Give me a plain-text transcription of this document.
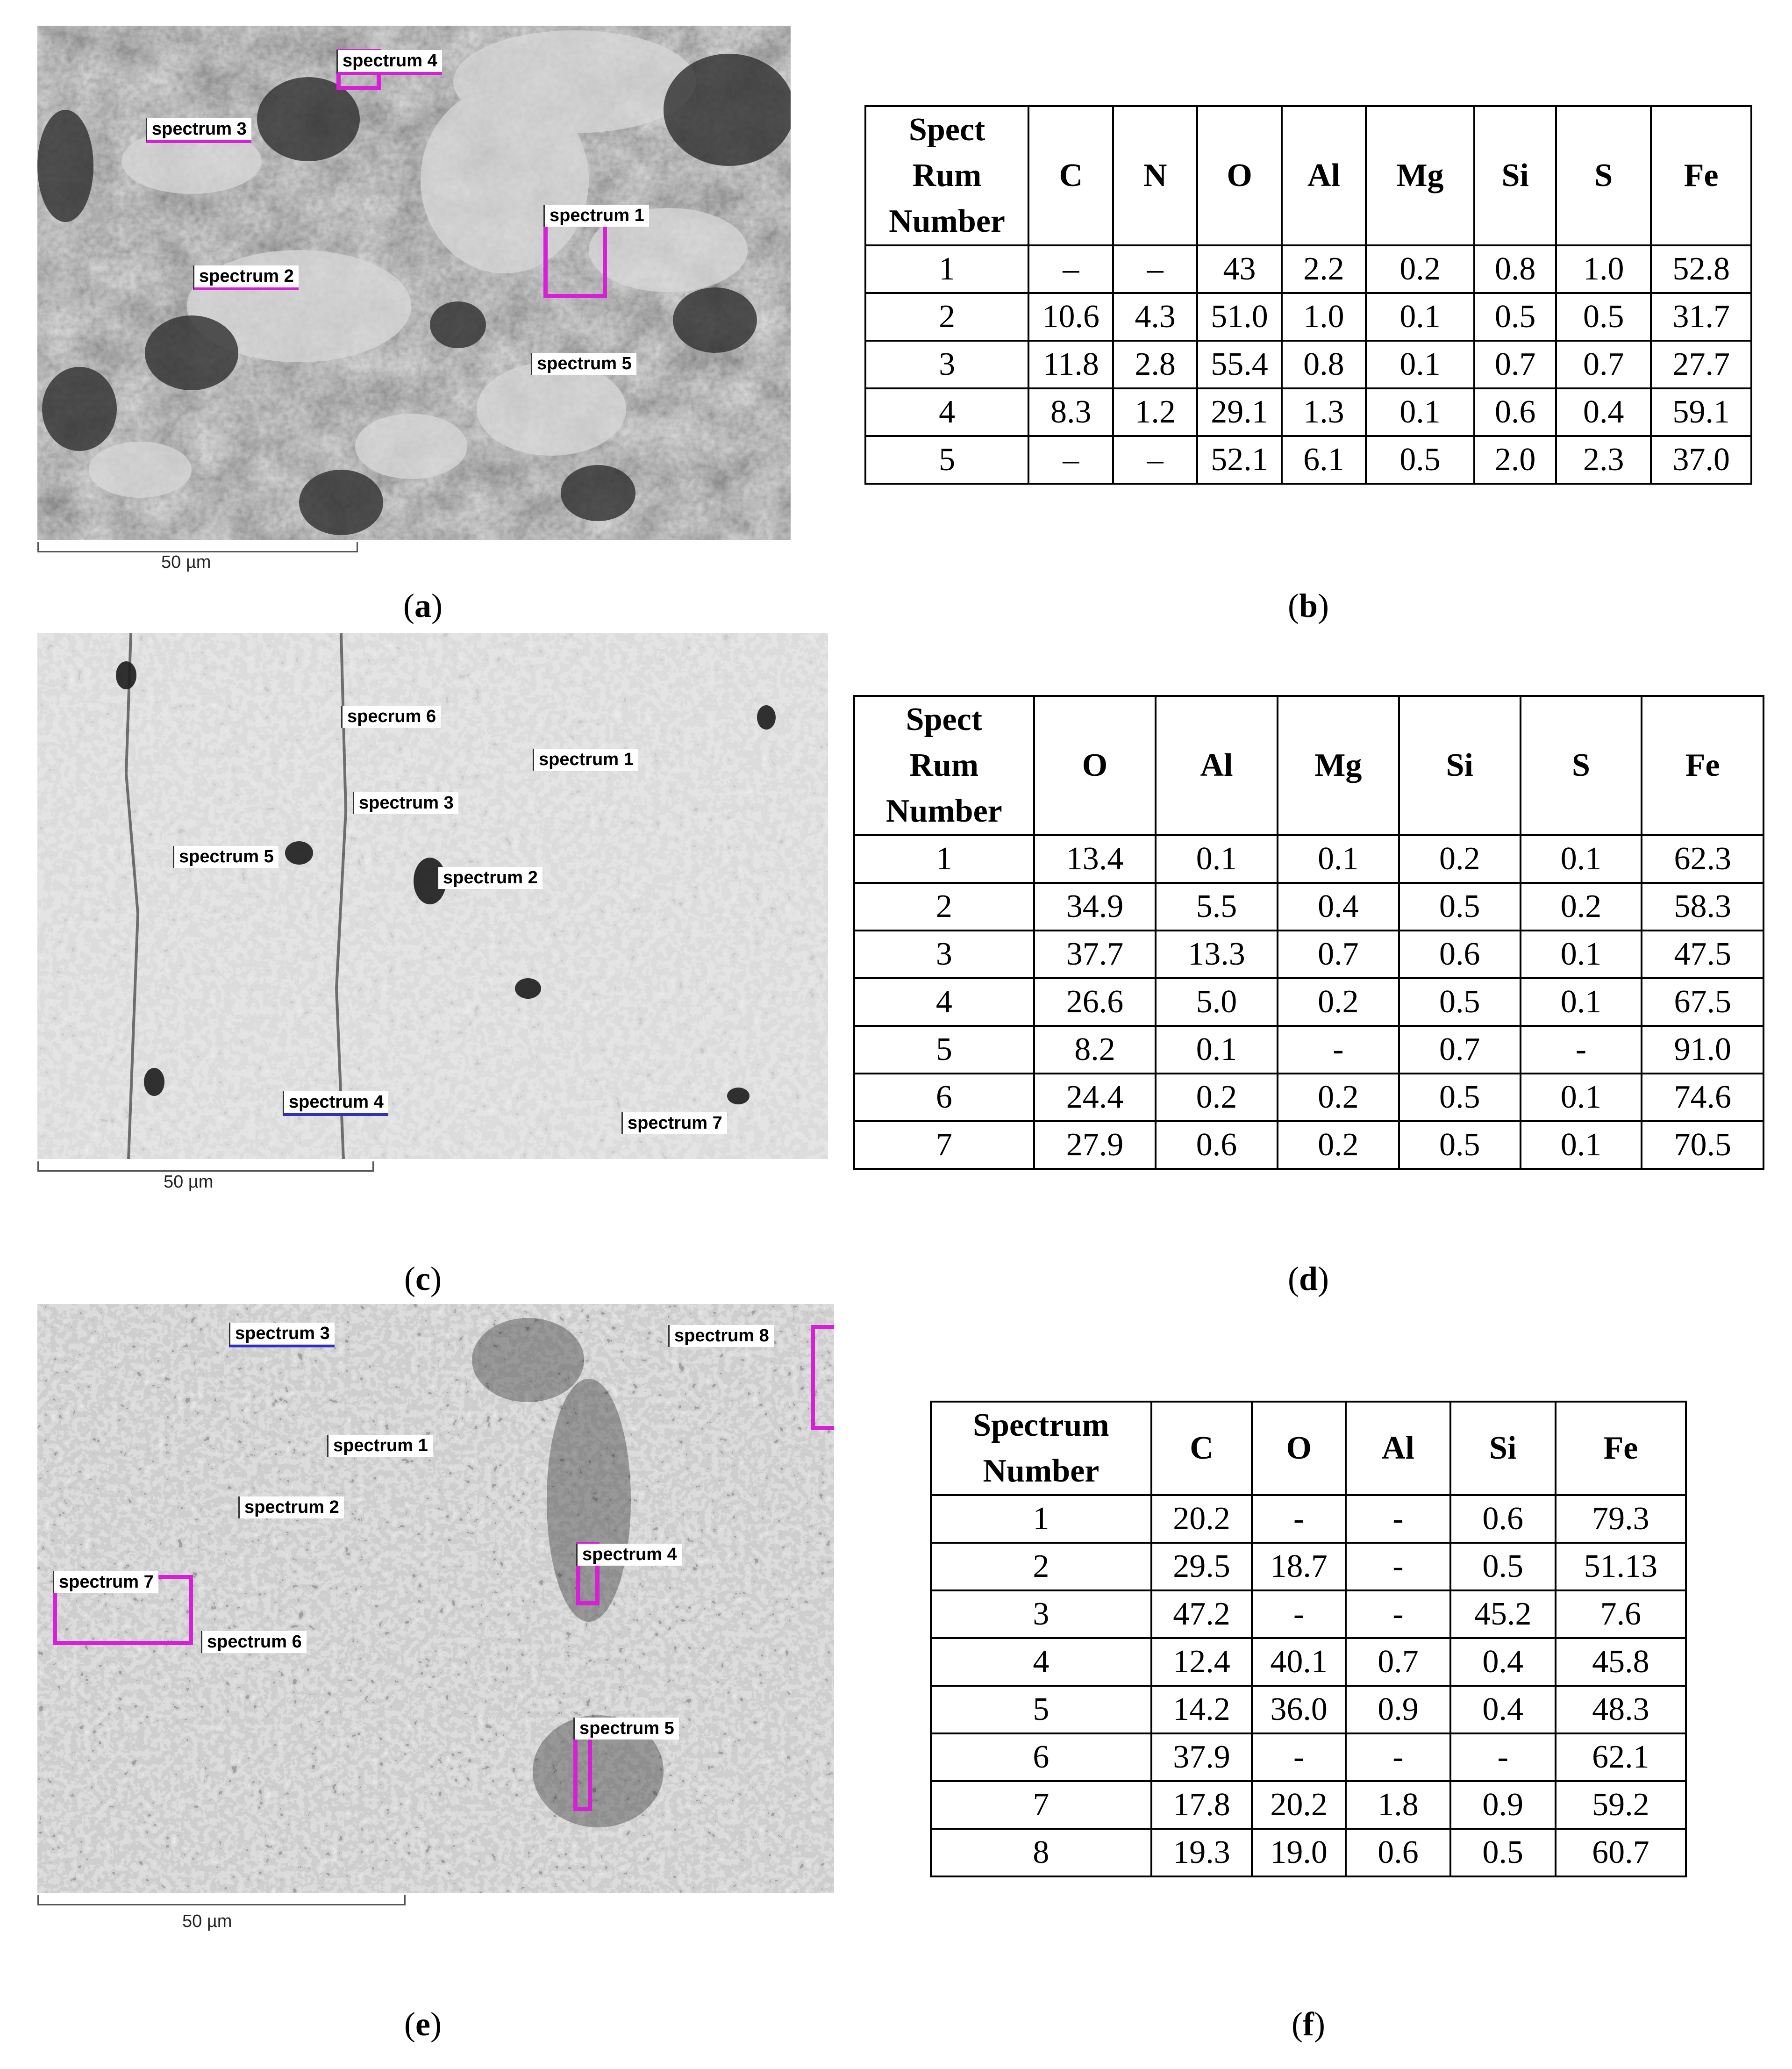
spectrum 4
spectrum 3
spectrum 1
spectrum 2
spectrum 5
50 µm
(a)
Spect
Rum
Number	C	N	O	Al	Mg	Si	S	Fe
1	–	–	43	2.2	0.2	0.8	1.0	52.8
2	10.6	4.3	51.0	1.0	0.1	0.5	0.5	31.7
3	11.8	2.8	55.4	0.8	0.1	0.7	0.7	27.7
4	8.3	1.2	29.1	1.3	0.1	0.6	0.4	59.1
5	–	–	52.1	6.1	0.5	2.0	2.3	37.0
(b)
specrum 6
spectrum 1
spectrum 3
spectrum 5
spectrum 2
spectrum 4
spectrum 7
50 µm
(c)
Spect
Rum
Number	O	Al	Mg	Si	S	Fe
1	13.4	0.1	0.1	0.2	0.1	62.3
2	34.9	5.5	0.4	0.5	0.2	58.3
3	37.7	13.3	0.7	0.6	0.1	47.5
4	26.6	5.0	0.2	0.5	0.1	67.5
5	8.2	0.1	-	0.7	-	91.0
6	24.4	0.2	0.2	0.5	0.1	74.6
7	27.9	0.6	0.2	0.5	0.1	70.5
(d)
spectrum 3	spectrum 8
spectrum 1
spectrum 2
spectrum 4
spectrum 7
spectrum 6
spectrum 5
50 µm
(e)
Spectrum
Number	C	O	Al	Si	Fe
1	20.2	-	-	0.6	79.3
2	29.5	18.7	-	0.5	51.13
3	47.2	-	-	45.2	7.6
4	12.4	40.1	0.7	0.4	45.8
5	14.2	36.0	0.9	0.4	48.3
6	37.9	-	-	-	62.1
7	17.8	20.2	1.8	0.9	59.2
8	19.3	19.0	0.6	0.5	60.7
(f)
